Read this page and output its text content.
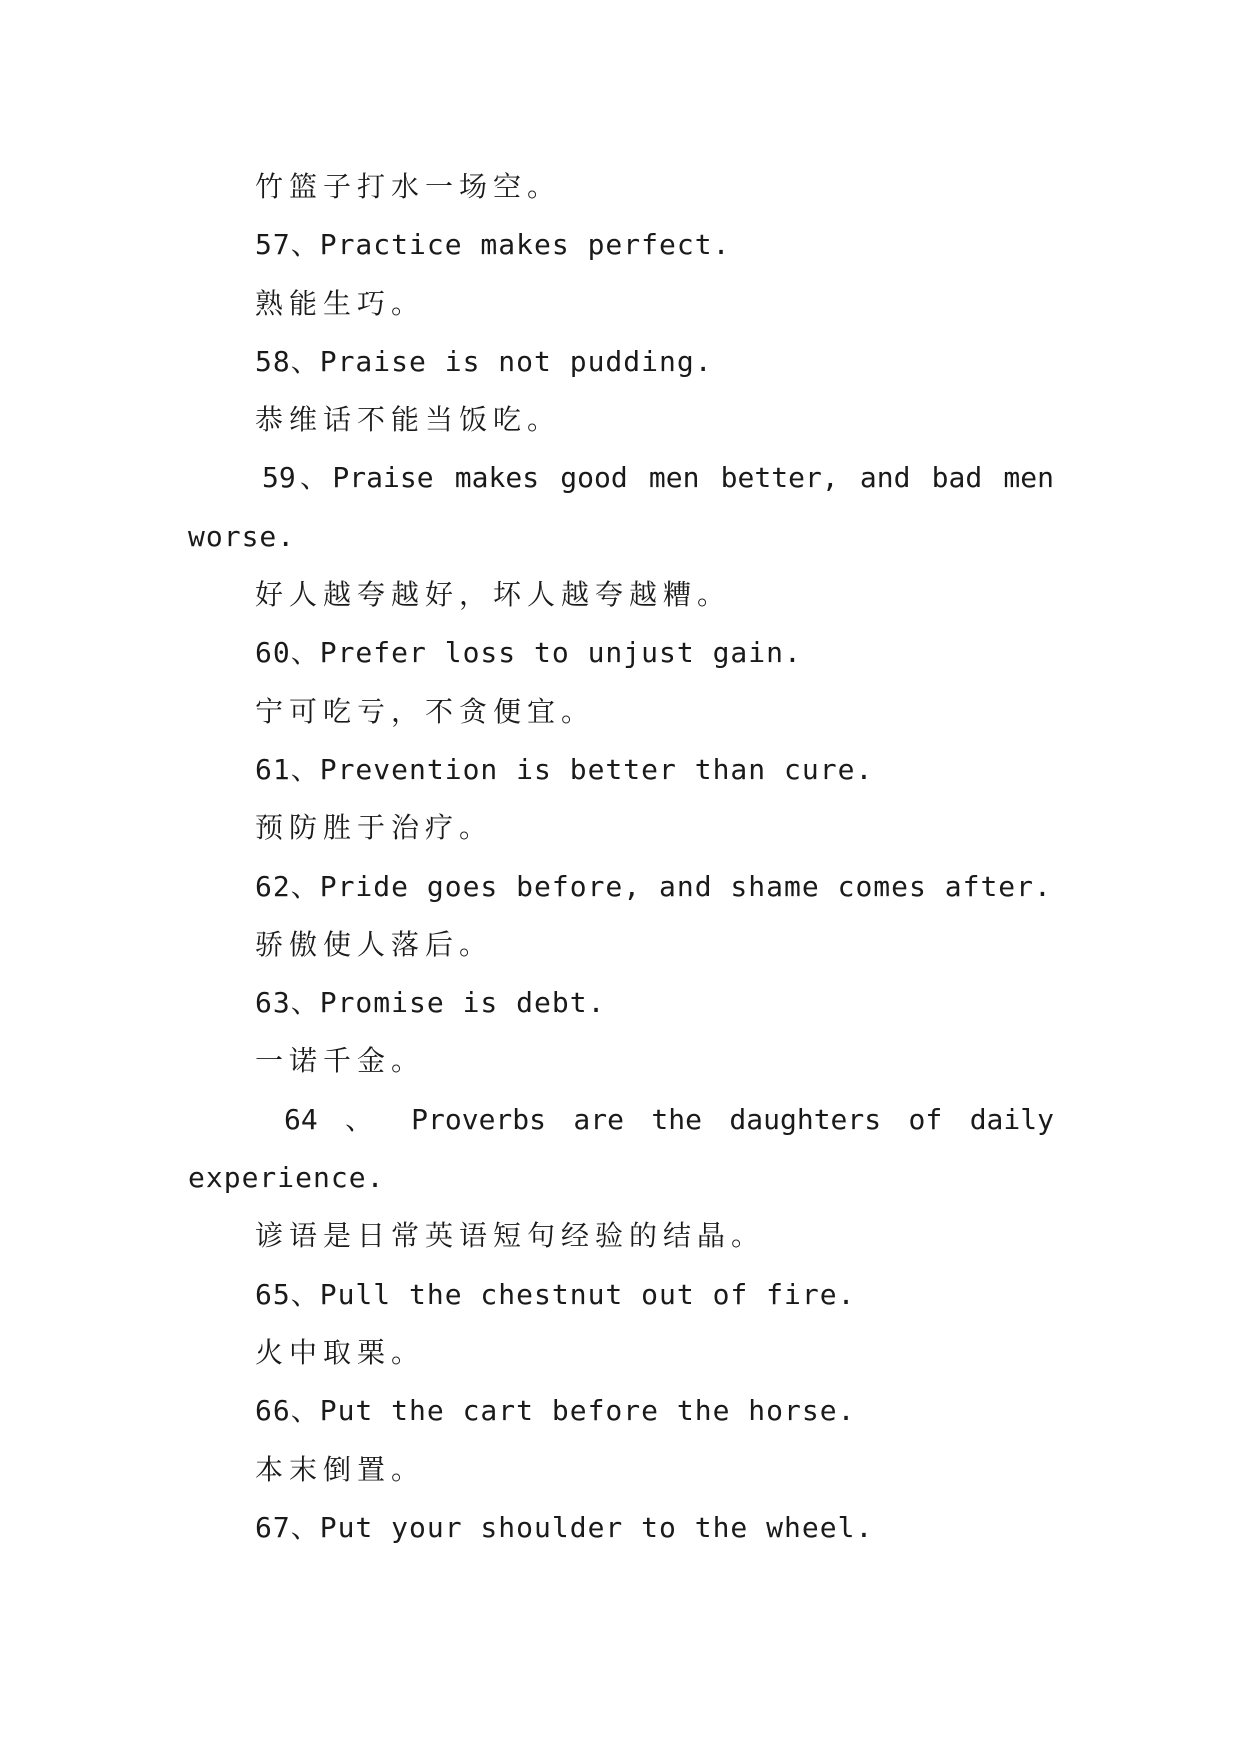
竹篮子打水一场空。

57、Practice makes perfect.

熟能生巧。

58、Praise is not pudding.

恭维话不能当饭吃。

59、Praise makes good men better, and bad men

worse.

好人越夸越好，坏人越夸越糟。

60、Prefer loss to unjust gain.

宁可吃亏，不贪便宜。

61、Prevention is better than cure.

预防胜于治疗。

62、Pride goes before, and shame comes after.

骄傲使人落后。

63、Promise is debt.

一诺千金。

64 、 Proverbs are the daughters of daily

experience.

谚语是日常英语短句经验的结晶。

65、Pull the chestnut out of fire.

火中取栗。

66、Put the cart before the horse.

本末倒置。

67、Put your shoulder to the wheel.
